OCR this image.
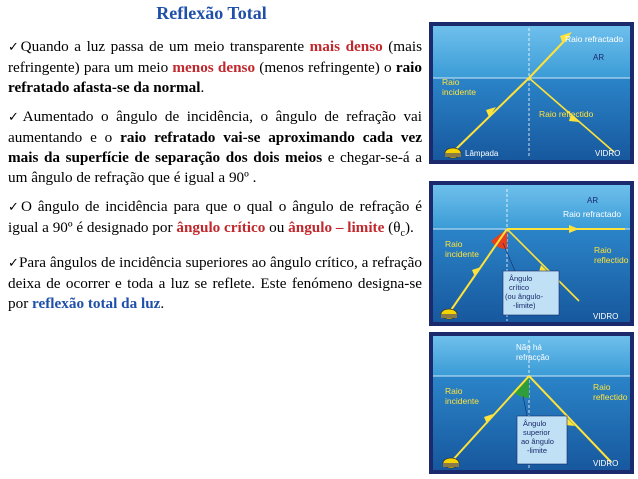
Reflexão Total
✓Quando a luz passa de um meio transparente mais denso (mais refringente) para um meio menos denso (menos refringente) o raio refratado afasta-se da normal.
✓Aumentado o ângulo de incidência, o ângulo de refração vai aumentando e o raio refratado vai-se aproximando cada vez mais da superfície de separação dos dois meios e chegar-se-á a um ângulo de refração que é igual a 90º .
✓O ângulo de incidência para que o qual o ângulo de refração é igual a 90º é designado por ângulo crítico ou ângulo – limite $(\theta_c)$.
✓Para ângulos de incidência superiores ao ângulo crítico, a refração deixa de ocorrer e toda a luz se reflete. Este fenómeno designa-se por reflexão total da luz.
Raio refractado
AR
Raio
incidente
Raio reflectido
Lâmpada	VIDRO
AR
Raio refractado
Raio
incidente	Raio
reflectido
Ângulo
crítico
(ou ângulo-
-limite)
VIDRO
Não há
refracção
Raio
incidente
Raio
reflectido
Ângulo
superior
ao ângulo
-limite
VIDRO
